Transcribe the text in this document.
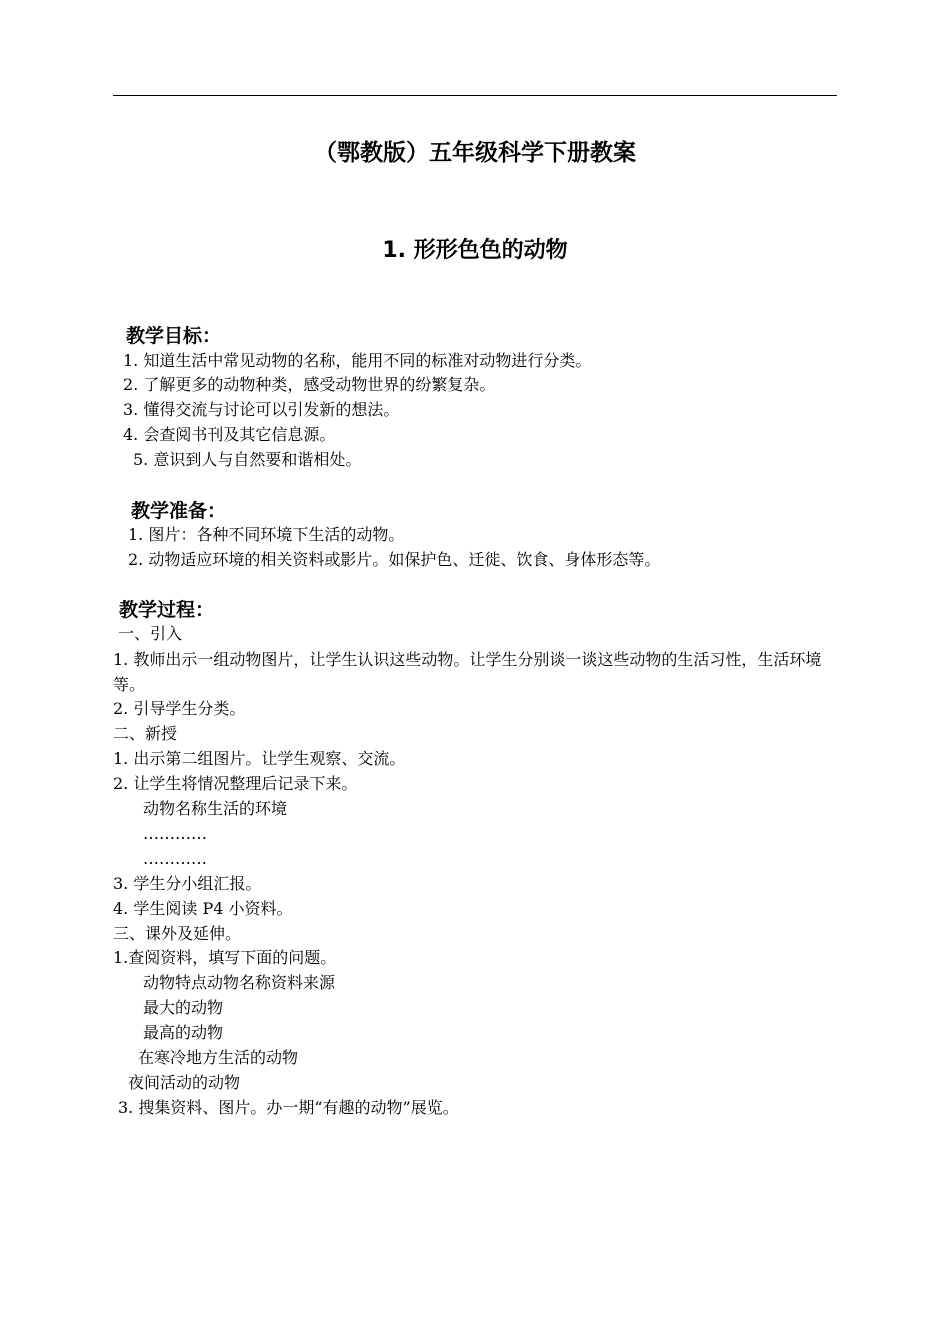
（鄂教版）五年级科学下册教案
1. 形形色色的动物
教学目标：
1. 知道生活中常见动物的名称，能用不同的标准对动物进行分类。
2. 了解更多的动物种类，感受动物世界的纷繁复杂。
3. 懂得交流与讨论可以引发新的想法。
4. 会查阅书刊及其它信息源。
5. 意识到人与自然要和谐相处。
教学准备：
1. 图片：各种不同环境下生活的动物。
2. 动物适应环境的相关资料或影片。如保护色、迁徙、饮食、身体形态等。
教学过程：
一、引入
1. 教师出示一组动物图片，让学生认识这些动物。让学生分别谈一谈这些动物的生活习性，生活环境等。
2. 引导学生分类。
二、新授
1. 出示第二组图片。让学生观察、交流。
2. 让学生将情况整理后记录下来。
动物名称生活的环境
…………
…………
3. 学生分小组汇报。
4. 学生阅读 P4 小资料。
三、课外及延伸。
1.查阅资料，填写下面的问题。
动物特点动物名称资料来源
最大的动物
最高的动物
在寒冷地方生活的动物
夜间活动的动物
3. 搜集资料、图片。办一期“有趣的动物”展览。
